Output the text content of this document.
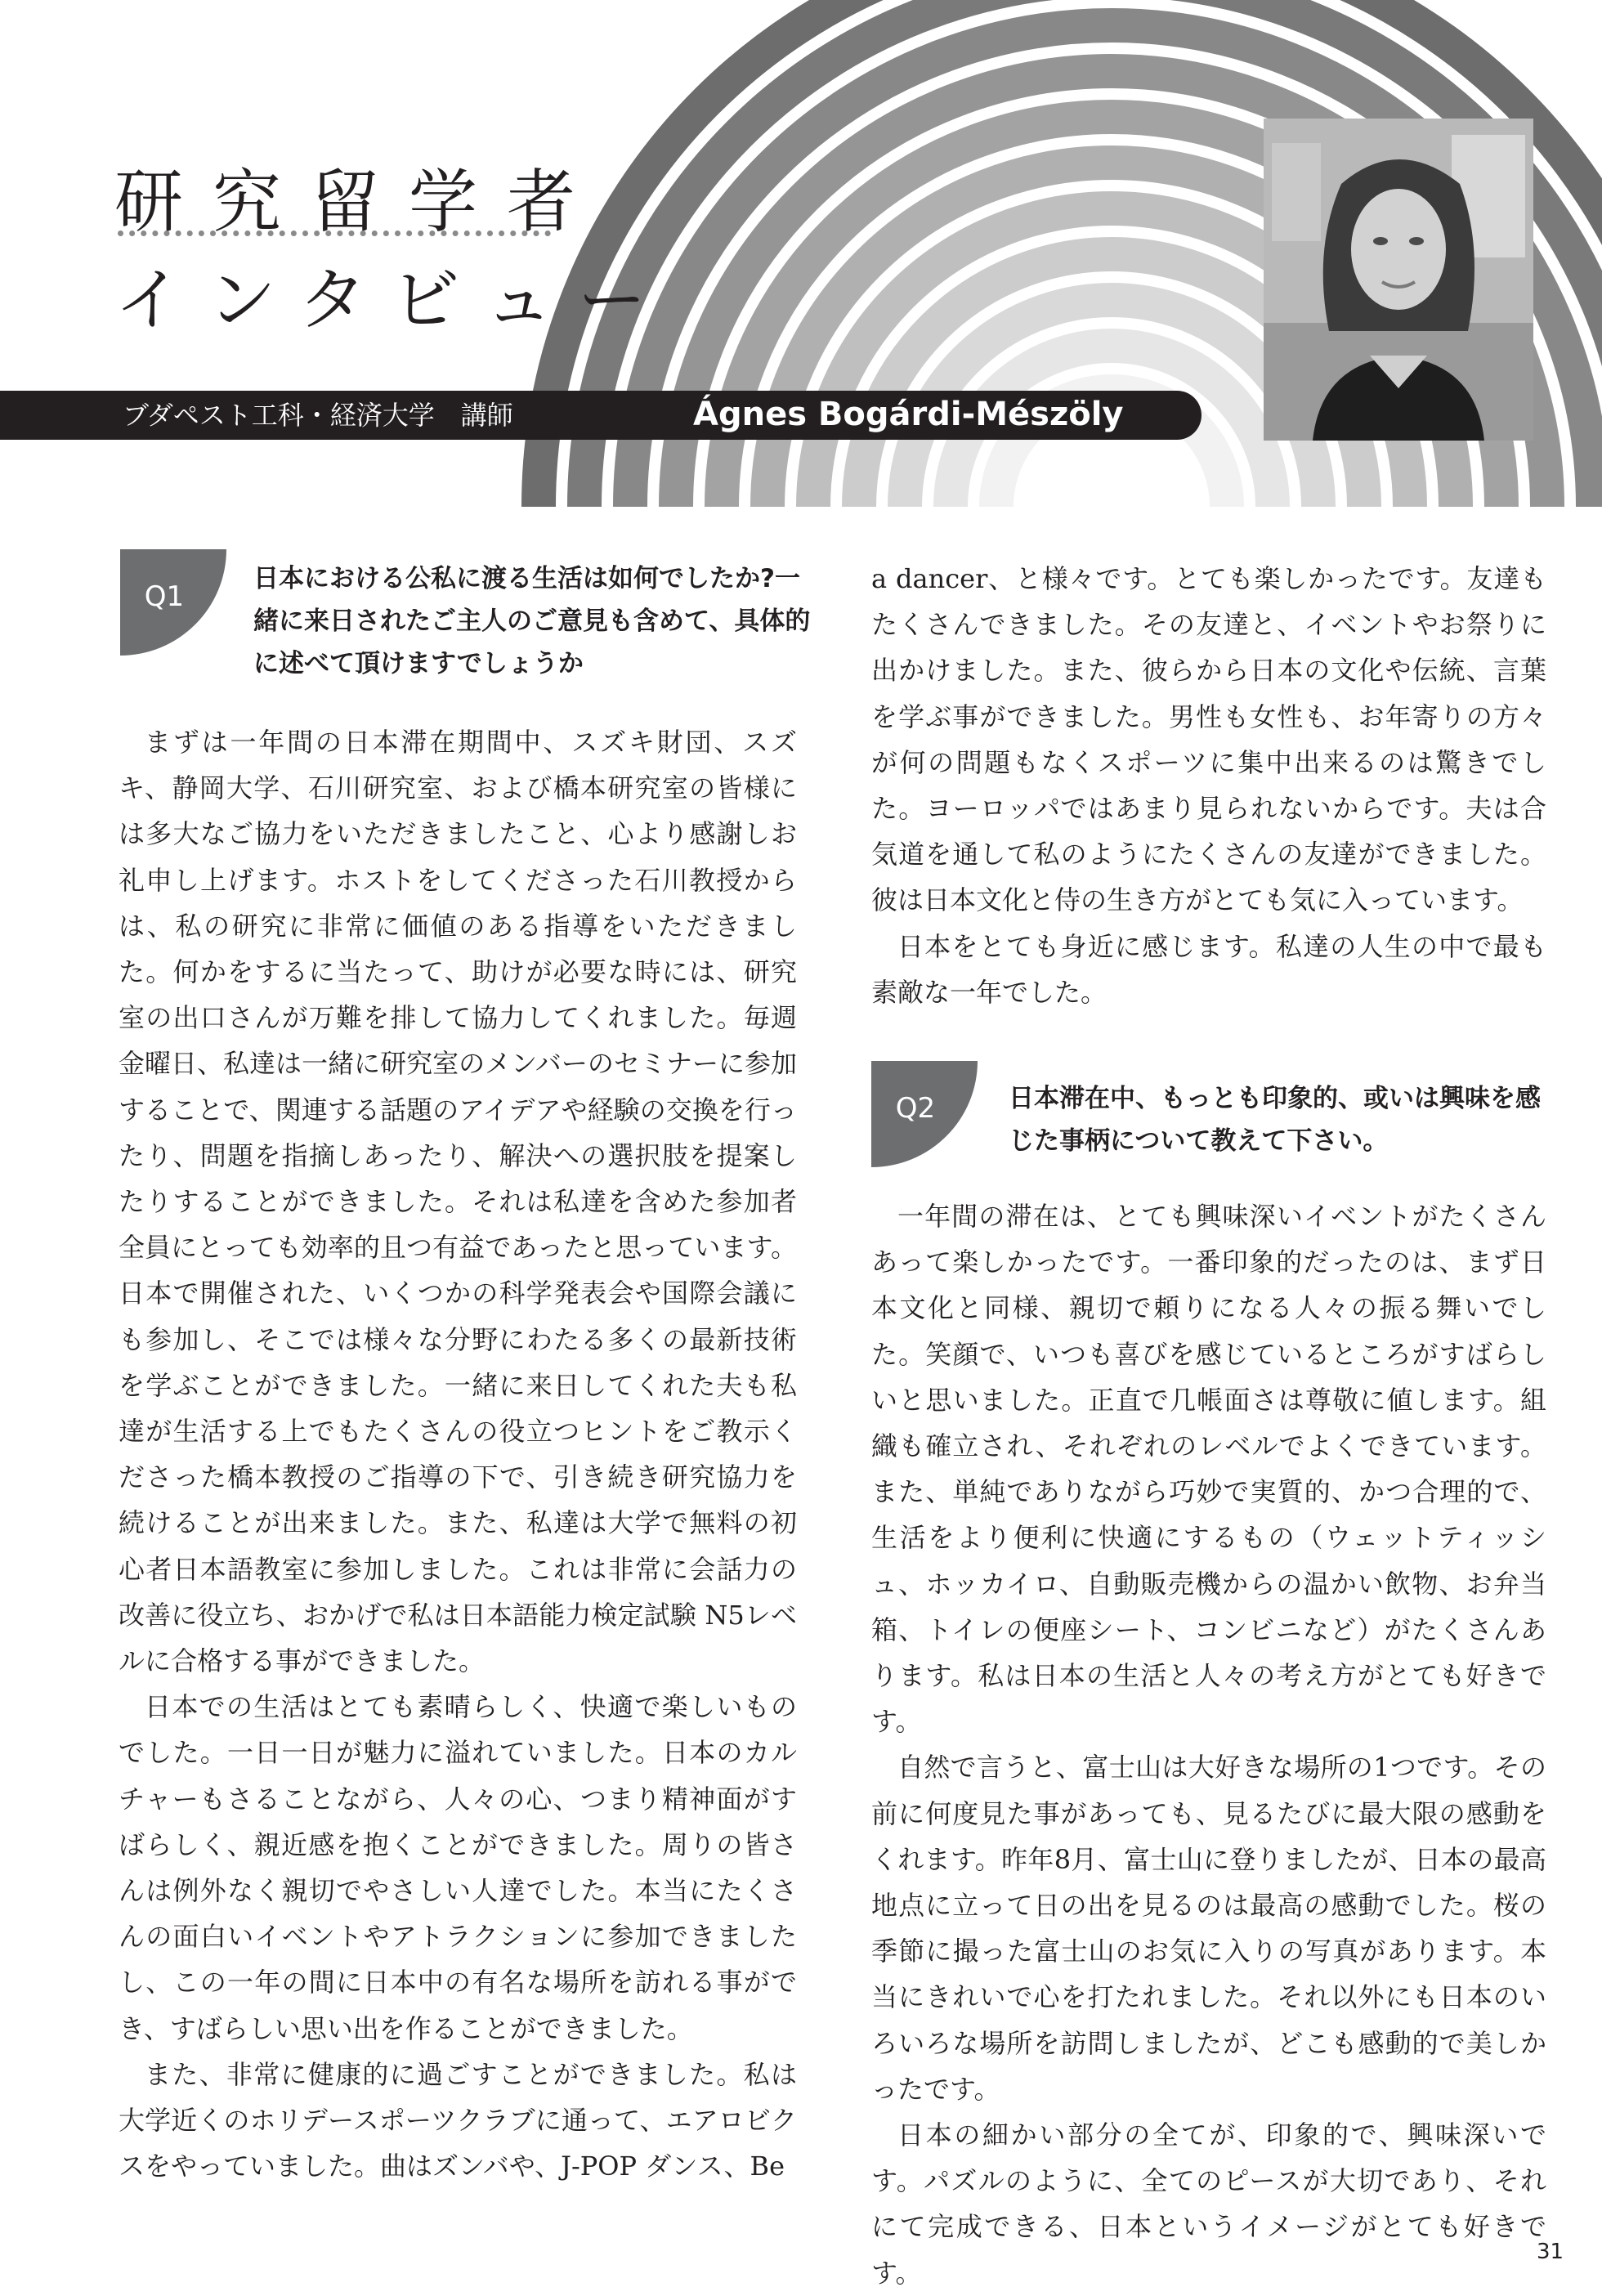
研究留学者
インタビュー
ブダペスト工科・経済大学　講師	Ágnes Bogárdi-Mészöly
Q1

日本における公私に渡る生活は如何でしたか?一緒に来日されたご主人のご意見も含めて、具体的に述べて頂けますでしょうか

まずは一年間の日本滞在期間中、スズキ財団、スズキ、静岡大学、石川研究室、および橋本研究室の皆様には多大なご協力をいただきましたこと、心より感謝しお礼申し上げます。ホストをしてくださった石川教授からは、私の研究に非常に価値のある指導をいただきました。何かをするに当たって、助けが必要な時には、研究室の出口さんが万難を排して協力してくれました。毎週金曜日、私達は一緒に研究室のメンバーのセミナーに参加することで、関連する話題のアイデアや経験の交換を行ったり、問題を指摘しあったり、解決への選択肢を提案したりすることができました。それは私達を含めた参加者全員にとっても効率的且つ有益であったと思っています。日本で開催された、いくつかの科学発表会や国際会議にも参加し、そこでは様々な分野にわたる多くの最新技術を学ぶことができました。一緒に来日してくれた夫も私達が生活する上でもたくさんの役立つヒントをご教示くださった橋本教授のご指導の下で、引き続き研究協力を続けることが出来ました。また、私達は大学で無料の初心者日本語教室に参加しました。これは非常に会話力の改善に役立ち、おかげで私は日本語能力検定試験 N5レベルに合格する事ができました。

日本での生活はとても素晴らしく、快適で楽しいものでした。一日一日が魅力に溢れていました。日本のカルチャーもさることながら、人々の心、つまり精神面がすばらしく、親近感を抱くことができました。周りの皆さんは例外なく親切でやさしい人達でした。本当にたくさんの面白いイベントやアトラクションに参加できましたし、この一年の間に日本中の有名な場所を訪れる事ができ、すばらしい思い出を作ることができました。

また、非常に健康的に過ごすことができました。私は大学近くのホリデースポーツクラブに通って、エアロビクスをやっていました。曲はズンバや、J-POP ダンス、Be

a dancer、と様々です。とても楽しかったです。友達もたくさんできました。その友達と、イベントやお祭りに出かけました。また、彼らから日本の文化や伝統、言葉を学ぶ事ができました。男性も女性も、お年寄りの方々が何の問題もなくスポーツに集中出来るのは驚きでした。ヨーロッパではあまり見られないからです。夫は合気道を通して私のようにたくさんの友達ができました。彼は日本文化と侍の生き方がとても気に入っています。

日本をとても身近に感じます。私達の人生の中で最も素敵な一年でした。

Q2	日本滞在中、もっとも印象的、或いは興味を感じた事柄について教えて下さい。

一年間の滞在は、とても興味深いイベントがたくさんあって楽しかったです。一番印象的だったのは、まず日本文化と同様、親切で頼りになる人々の振る舞いでした。笑顔で、いつも喜びを感じているところがすばらしいと思いました。正直で几帳面さは尊敬に値します。組織も確立され、それぞれのレベルでよくできています。また、単純でありながら巧妙で実質的、かつ合理的で、生活をより便利に快適にするもの（ウェットティッシュ、ホッカイロ、自動販売機からの温かい飲物、お弁当箱、トイレの便座シート、コンビニなど）がたくさんあります。私は日本の生活と人々の考え方がとても好きです。

自然で言うと、富士山は大好きな場所の1つです。その前に何度見た事があっても、見るたびに最大限の感動をくれます。昨年8月、富士山に登りましたが、日本の最高地点に立って日の出を見るのは最高の感動でした。桜の季節に撮った富士山のお気に入りの写真があります。本当にきれいで心を打たれました。それ以外にも日本のいろいろな場所を訪問しましたが、どこも感動的で美しかったです。

日本の細かい部分の全てが、印象的で、興味深いです。パズルのように、全てのピースが大切であり、それにて完成できる、日本というイメージがとても好きです。

31
